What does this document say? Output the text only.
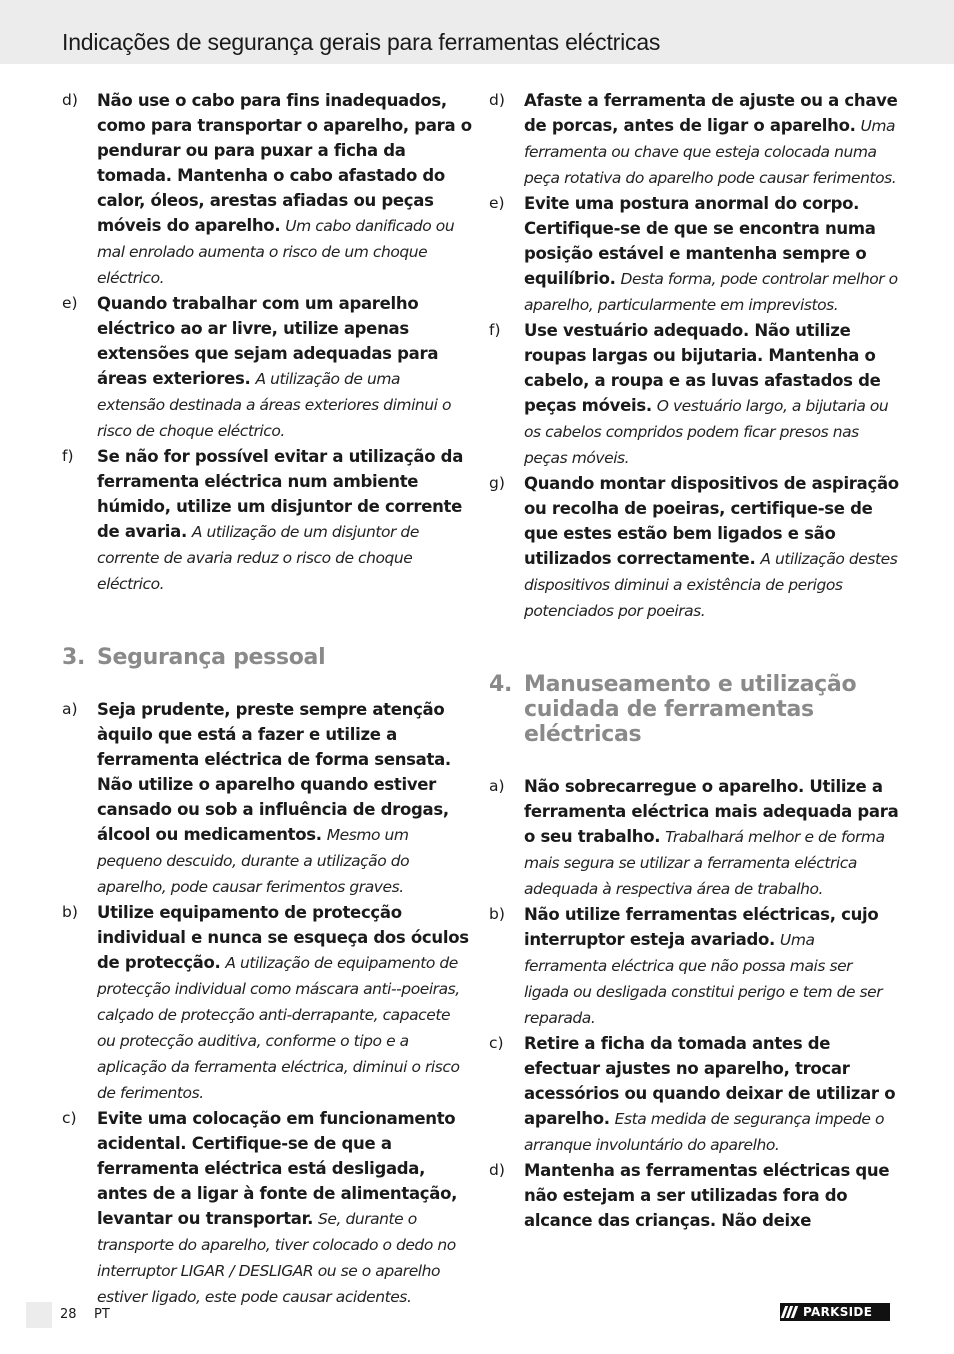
Indicações de segurança gerais para ferramentas eléctricas
d)	Não use o cabo para fins inadequados, como para transportar o aparelho, para o pendurar ou para puxar a ficha da tomada. Mantenha o cabo afastado do calor, óleos, arestas afiadas ou peças móveis do aparelho. Um cabo danificado ou mal enrolado aumenta o risco de um choque eléctrico.

e)	Quando trabalhar com um aparelho eléctrico ao ar livre, utilize apenas extensões que sejam adequadas para áreas exteriores. A utilização de uma extensão destinada a áreas exteriores diminui o risco de choque eléctrico.

f)	Se não for possível evitar a utilização da ferramenta eléctrica num ambiente húmido, utilize um disjuntor de corrente de avaria. A utilização de um disjuntor de corrente de avaria reduz o risco de choque eléctrico.

3. Segurança pessoal
a)	Seja prudente, preste sempre atenção àquilo que está a fazer e utilize a ferramenta eléctrica de forma sensata. Não utilize o aparelho quando estiver cansado ou sob a influência de drogas, álcool ou medicamentos. Mesmo um pequeno descuido, durante a utilização do aparelho, pode causar ferimentos graves.

b)	Utilize equipamento de protecção individual e nunca se esqueça dos óculos de protecção. A utilização de equipamento de protecção individual como máscara anti--poeiras, calçado de protecção anti-derrapante, capacete ou protecção auditiva, conforme o tipo e a aplicação da ferramenta eléctrica, diminui o risco de ferimentos.

c)	Evite uma colocação em funcionamento acidental. Certifique-se de que a ferramenta eléctrica está desligada, antes de a ligar à fonte de alimentação, levantar ou transportar. Se, durante o transporte do aparelho, tiver colocado o dedo no interruptor LIGAR / DESLIGAR ou se o aparelho estiver ligado, este pode causar acidentes.

d)	Afaste a ferramenta de ajuste ou a chave de porcas, antes de ligar o aparelho. Uma ferramenta ou chave que esteja colocada numa peça rotativa do aparelho pode causar ferimentos.

e)	Evite uma postura anormal do corpo. Certifique-se de que se encontra numa posição estável e mantenha sempre o equilíbrio. Desta forma, pode controlar melhor o aparelho, particularmente em imprevistos.

f)	Use vestuário adequado. Não utilize roupas largas ou bijutaria. Mantenha o cabelo, a roupa e as luvas afastados de peças móveis. O vestuário largo, a bijutaria ou os cabelos compridos podem ficar presos nas peças móveis.

g)	Quando montar dispositivos de aspiração ou recolha de poeiras, certifique-se de que estes estão bem ligados e são utilizados correctamente. A utilização destes dispositivos diminui a existência de perigos potenciados por poeiras.

4. Manuseamento e utilização cuidada de ferramentas eléctricas
a)	Não sobrecarregue o aparelho. Utilize a ferramenta eléctrica mais adequada para o seu trabalho. Trabalhará melhor e de forma mais segura se utilizar a ferramenta eléctrica adequada à respectiva área de trabalho.

b)	Não utilize ferramentas eléctricas, cujo interruptor esteja avariado. Uma ferramenta eléctrica que não possa mais ser ligada ou desligada constitui perigo e tem de ser reparada.

c)	Retire a ficha da tomada antes de efectuar ajustes no aparelho, trocar acessórios ou quando deixar de utilizar o aparelho. Esta medida de segurança impede o arranque involuntário do aparelho.

d)	Mantenha as ferramentas eléctricas que não estejam a ser utilizadas fora do alcance das crianças. Não deixe

28 PT	PARKSIDE
